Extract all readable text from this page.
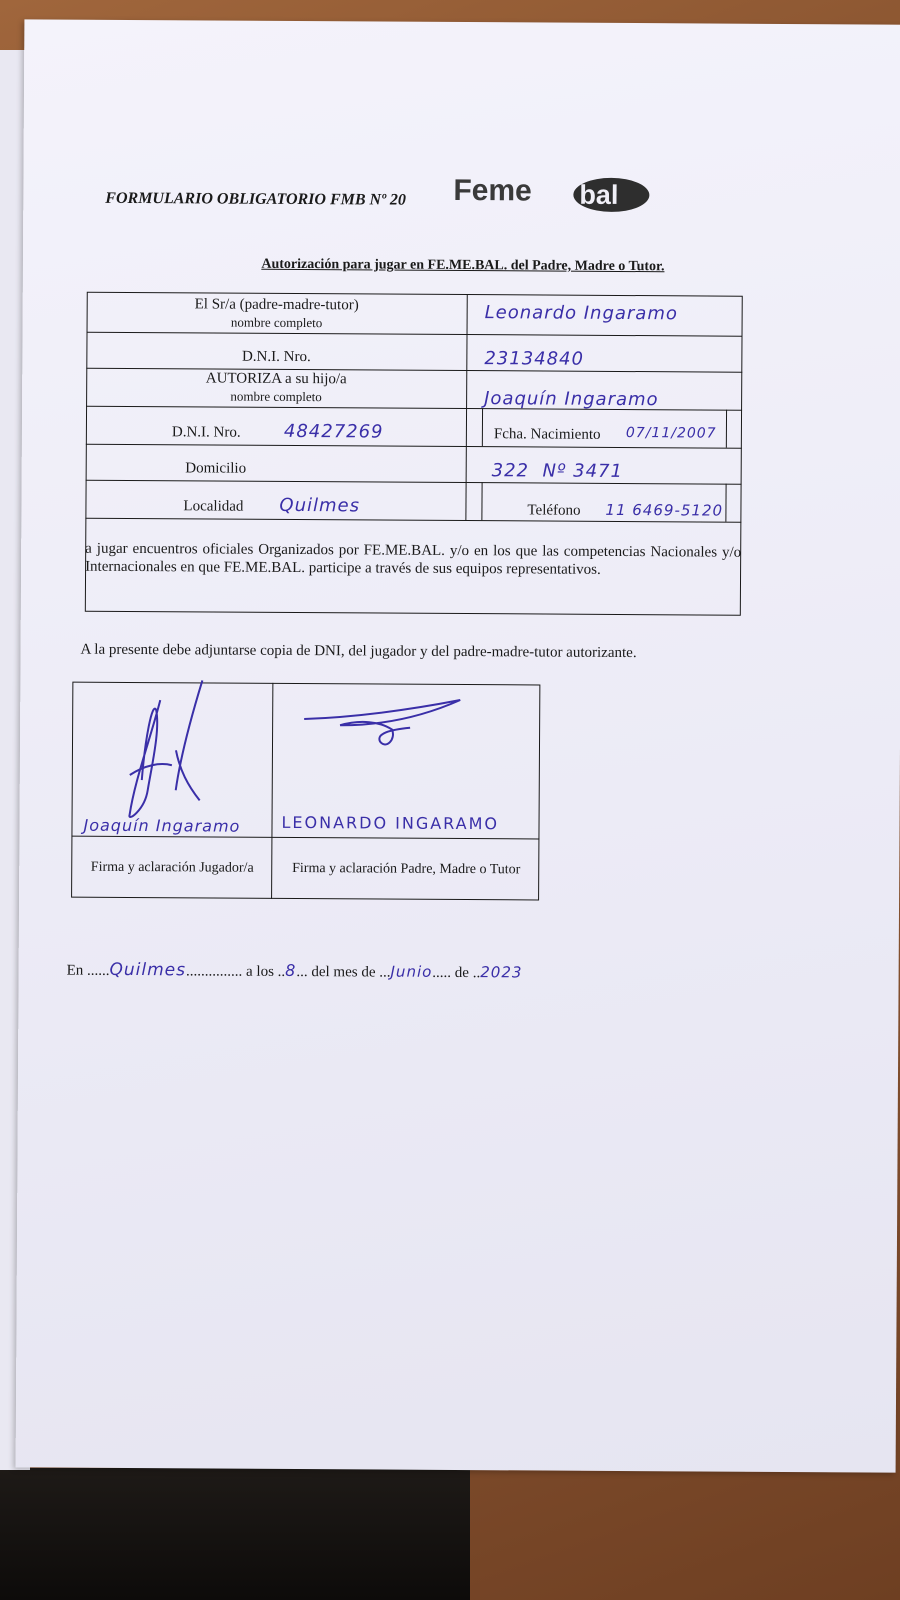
FORMULARIO OBLIGATORIO FMB Nº 20 Feme bal
Autorización para jugar en FE.ME.BAL. del Padre, Madre o Tutor.
El Sr/a (padre-madre-tutor)
nombre completo	Leonardo Ingaramo
D.N.I. Nro.	23134840
AUTORIZA a su hijo/a
nombre completo	Joaquín Ingaramo
D.N.I. Nro. 48427269	Fcha. Nacimiento 07/11/2007
Domicilio	322  Nº 3471
Localidad	Quilmes	Teléfono 11 6469-5120
a jugar encuentros oficiales Organizados por FE.ME.BAL. y/o en los que las competencias Nacionales y/o Internacionales en que FE.ME.BAL. participe a través de sus equipos representativos.
A la presente debe adjuntarse copia de DNI, del jugador y del padre-madre-tutor autorizante.
Joaquín Ingaramo	LEONARDO INGARAMO
Firma y aclaración Jugador/a	Firma y aclaración Padre, Madre o Tutor
En ......Quilmes............... a los ..8... del mes de ...Junio..... de ..2023
